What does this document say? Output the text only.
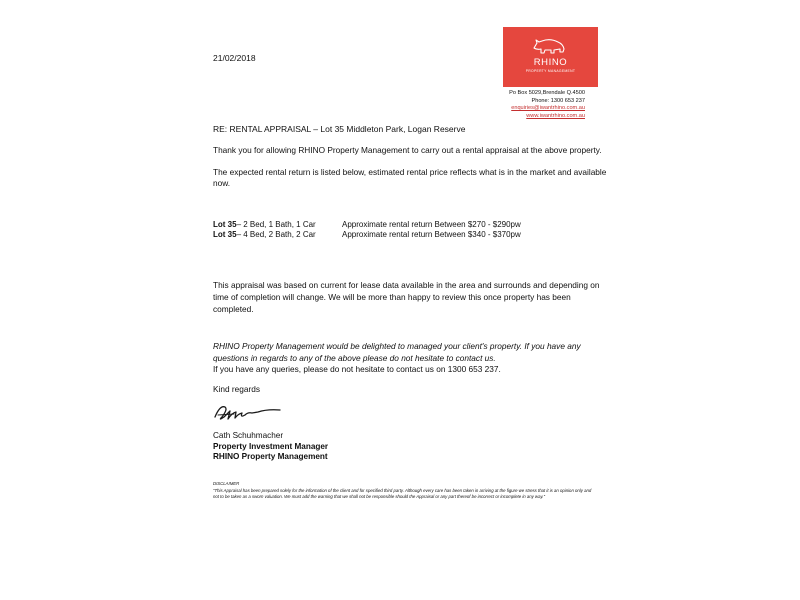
21/02/2018	RHINO
PROPERTY MANAGEMENT
Po Box 5029,Brendale Q.4500
Phone: 1300 653 237
enquiries@iwantrhino.com.au
www.iwantrhino.com.au
RE: RENTAL APPRAISAL – Lot 35 Middleton Park, Logan Reserve
Thank you for allowing RHINO Property Management to carry out a rental appraisal at the above property.
The expected rental return is listed below, estimated rental price reflects what is in the market and available
now.
Lot 35– 2 Bed, 1 Bath, 1 Car	Approximate rental return Between $270 - $290pw
Lot 35– 4 Bed, 2 Bath, 2 Car	Approximate rental return Between $340 - $370pw
This appraisal was based on current for lease data available in the area and surrounds and depending on
time of completion will change. We will be more than happy to review this once property has been
completed.
RHINO Property Management would be delighted to managed your client's property. If you have any
questions in regards to any of the above please do not hesitate to contact us.
If you have any queries, please do not hesitate to contact us on 1300 653 237.
Kind regards
Cath Schuhmacher
Property Investment Manager
RHINO Property Management
DISCLAIMER
"This Appraisal has been prepared solely for the information of the client and for specified third party. Although every care has been taken in arriving at the figure we stress that it is an opinion only and not to be taken as a sworn valuation. We must add the warning that we shall not be responsible should the Appraisal or any part thereof be incorrect or incomplete in any way."
